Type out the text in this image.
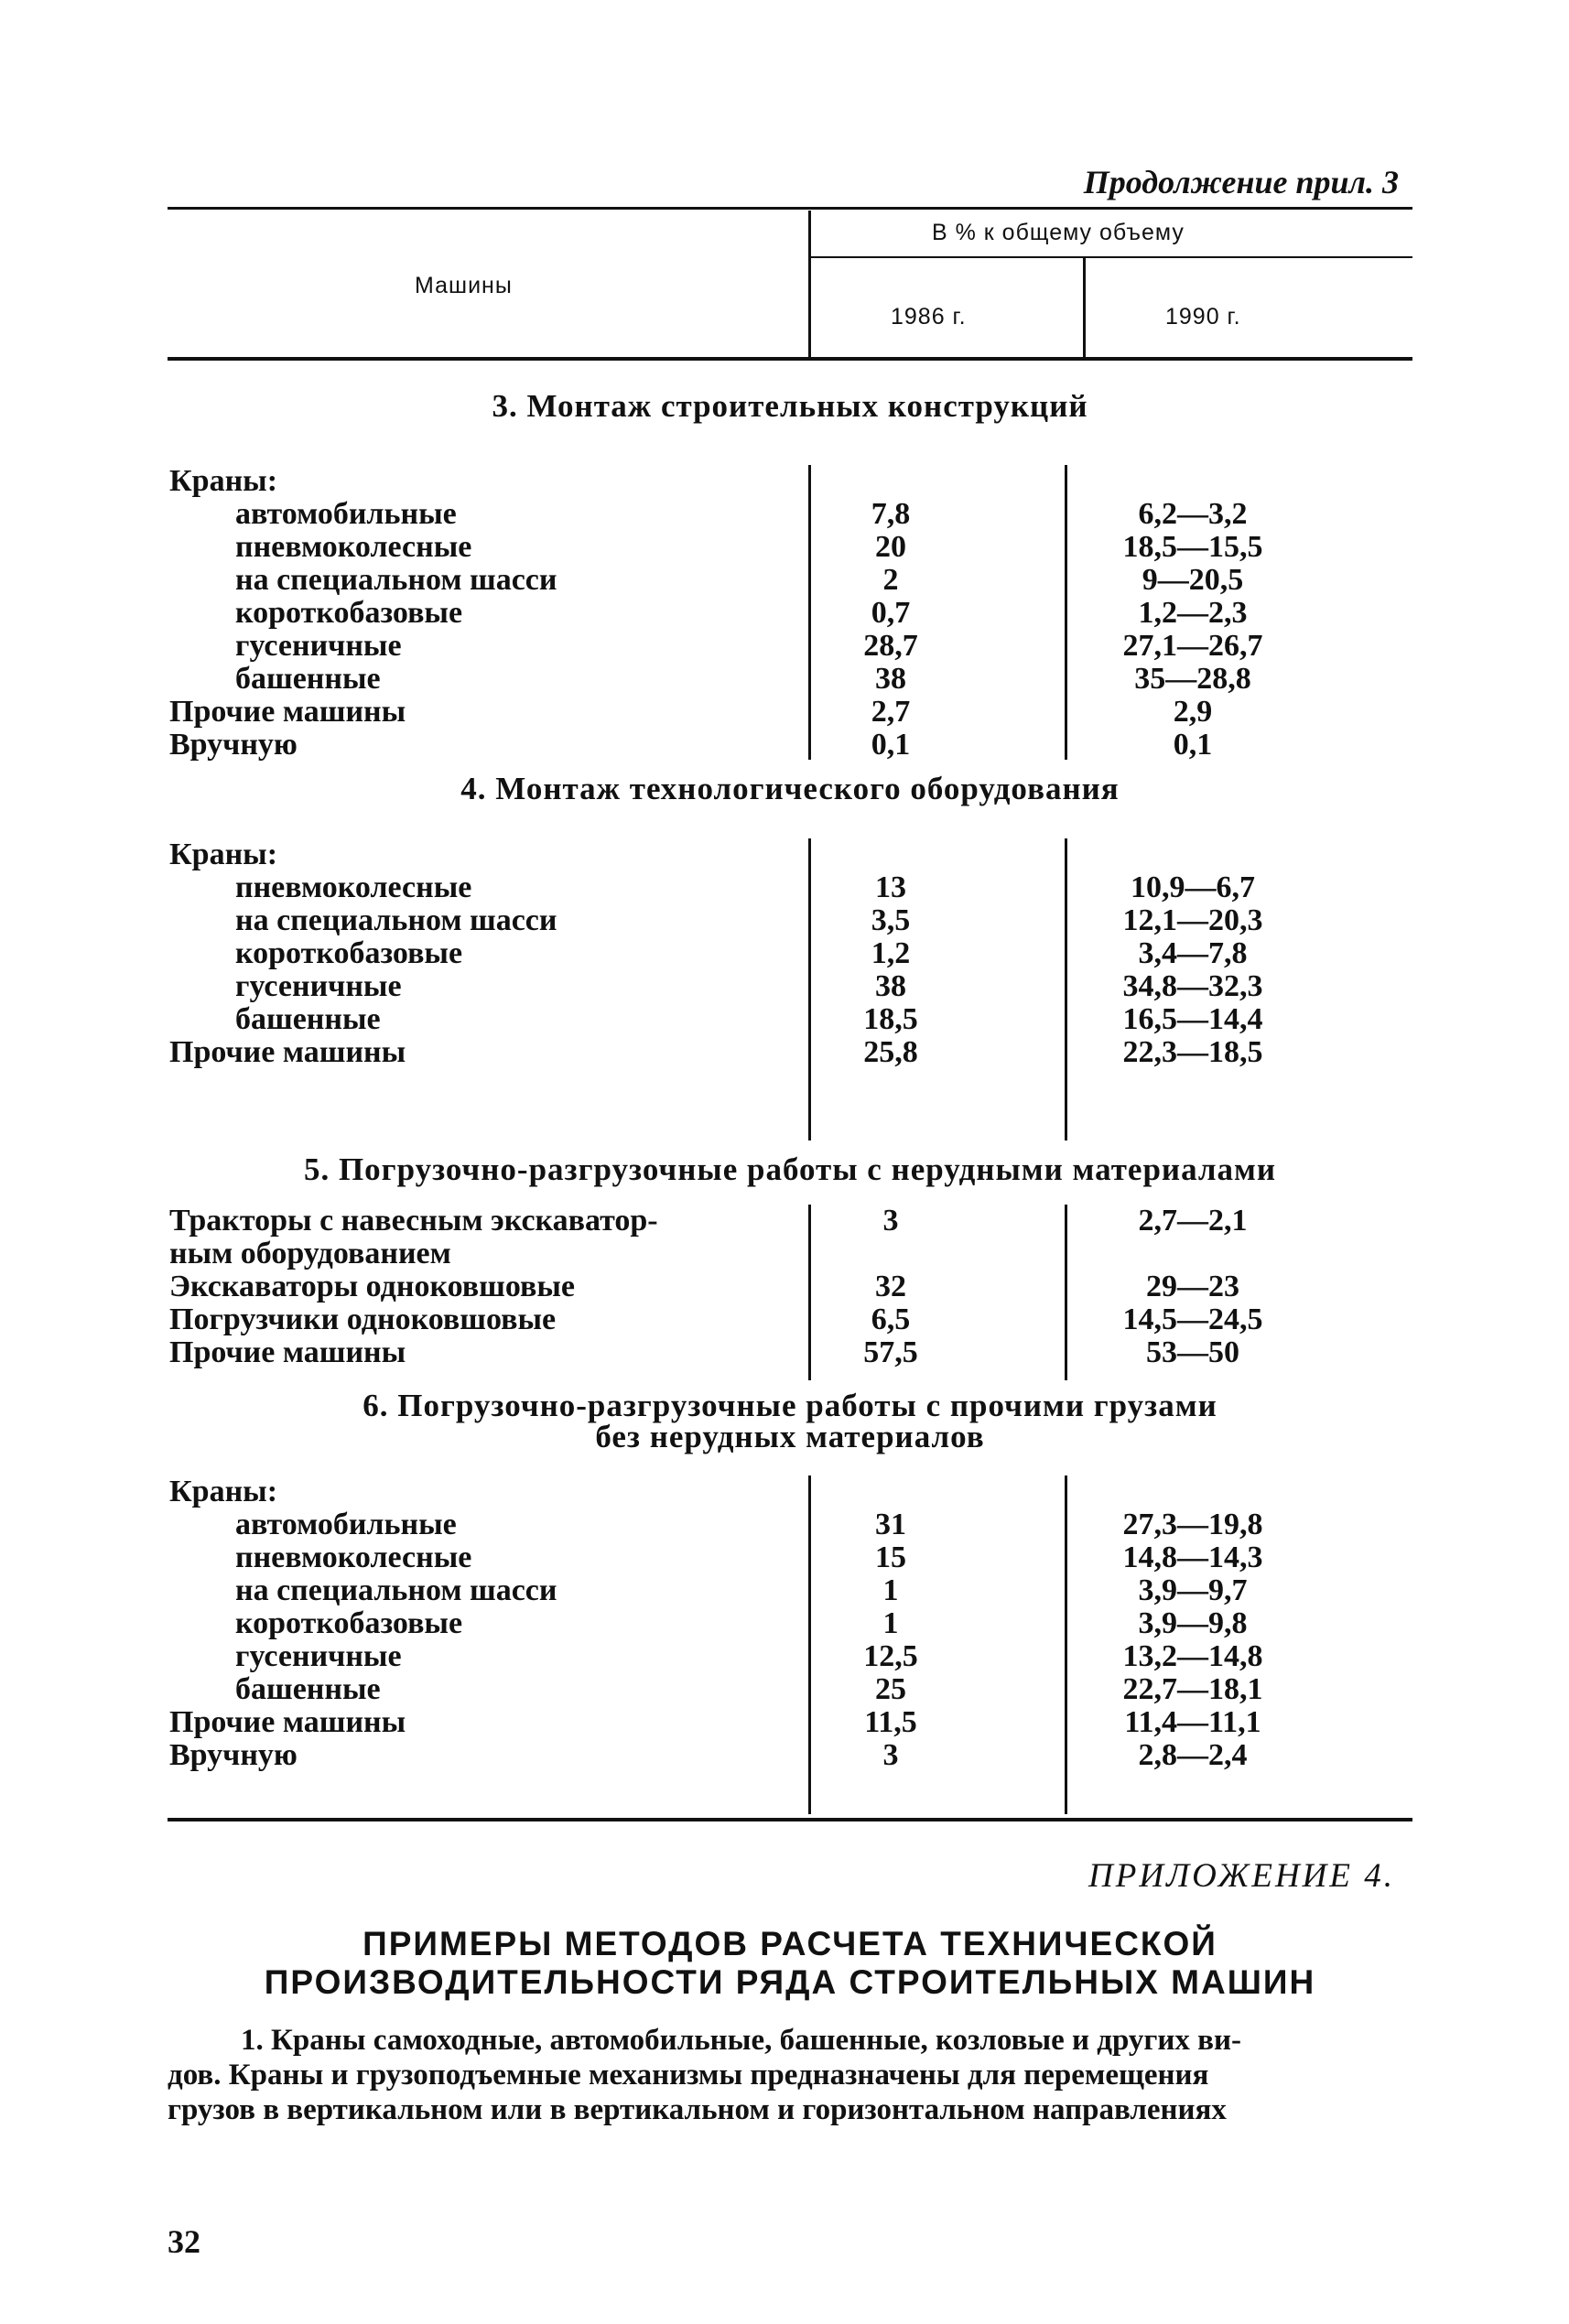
Продолжение прил. 3
Машины
В % к общему объему
1986 г.	1990 г.
3. Монтаж строительных конструкций
Краны:
автомобильные	7,8	6,2—3,2
пневмоколесные	20	18,5—15,5
на специальном шасси	2	9—20,5
короткобазовые	0,7	1,2—2,3
гусеничные	28,7	27,1—26,7
башенные	38	35—28,8
Прочие машины	2,7	2,9
Вручную	0,1	0,1
4. Монтаж технологического оборудования
Краны:
пневмоколесные	13	10,9—6,7
на специальном шасси	3,5	12,1—20,3
короткобазовые	1,2	3,4—7,8
гусеничные	38	34,8—32,3
башенные	18,5	16,5—14,4
Прочие машины	25,8	22,3—18,5
5. Погрузочно-разгрузочные работы с нерудными материалами
Тракторы с навесным экскаватор-	3	2,7—2,1
ным оборудованием
Экскаваторы одноковшовые	32	29—23
Погрузчики одноковшовые	6,5	14,5—24,5
Прочие машины	57,5	53—50
6. Погрузочно-разгрузочные работы с прочими грузами
без нерудных материалов
Краны:
автомобильные	31	27,3—19,8
пневмоколесные	15	14,8—14,3
на специальном шасси	1	3,9—9,7
короткобазовые	1	3,9—9,8
гусеничные	12,5	13,2—14,8
башенные	25	22,7—18,1
Прочие машины	11,5	11,4—11,1
Вручную	3	2,8—2,4
ПРИЛОЖЕНИЕ 4.
ПРИМЕРЫ МЕТОДОВ РАСЧЕТА ТЕХНИЧЕСКОЙ
ПРОИЗВОДИТЕЛЬНОСТИ РЯДА СТРОИТЕЛЬНЫХ МАШИН
1. Краны самоходные, автомобильные, башенные, козловые и других ви-
дов. Краны и грузоподъемные механизмы предназначены для перемещения
грузов в вертикальном или в вертикальном и горизонтальном направлениях
32
